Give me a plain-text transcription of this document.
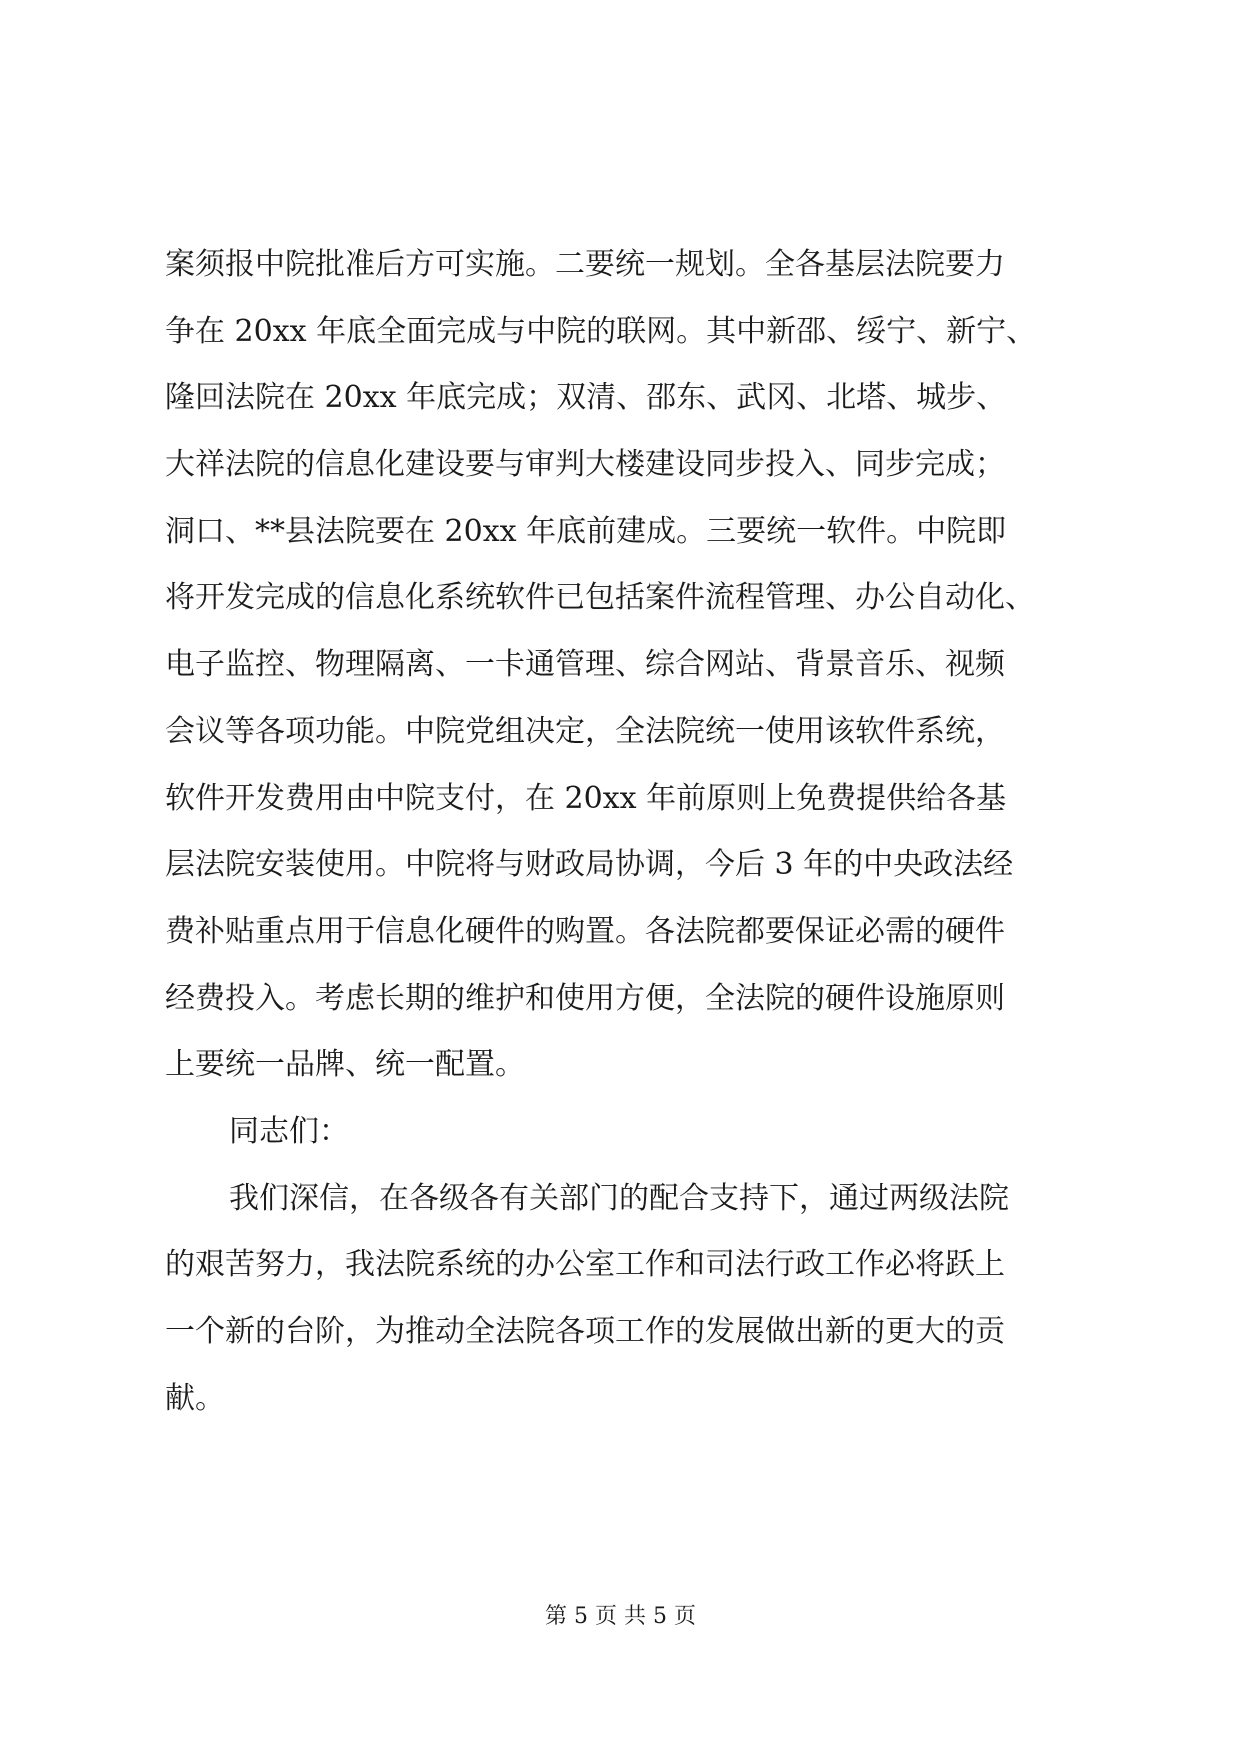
案须报中院批准后方可实施。二要统一规划。全各基层法院要力
争在 20xx 年底全面完成与中院的联网。其中新邵、绥宁、新宁、
隆回法院在 20xx 年底完成；双清、邵东、武冈、北塔、城步、
大祥法院的信息化建设要与审判大楼建设同步投入、同步完成；
洞口、**县法院要在 20xx 年底前建成。三要统一软件。中院即
将开发完成的信息化系统软件已包括案件流程管理、办公自动化、
电子监控、物理隔离、一卡通管理、综合网站、背景音乐、视频
会议等各项功能。中院党组决定，全法院统一使用该软件系统，
软件开发费用由中院支付，在 20xx 年前原则上免费提供给各基
层法院安装使用。中院将与财政局协调，今后 3 年的中央政法经
费补贴重点用于信息化硬件的购置。各法院都要保证必需的硬件
经费投入。考虑长期的维护和使用方便，全法院的硬件设施原则
上要统一品牌、统一配置。
同志们：
我们深信，在各级各有关部门的配合支持下，通过两级法院
的艰苦努力，我法院系统的办公室工作和司法行政工作必将跃上
一个新的台阶，为推动全法院各项工作的发展做出新的更大的贡
献。
第 5 页 共 5 页
